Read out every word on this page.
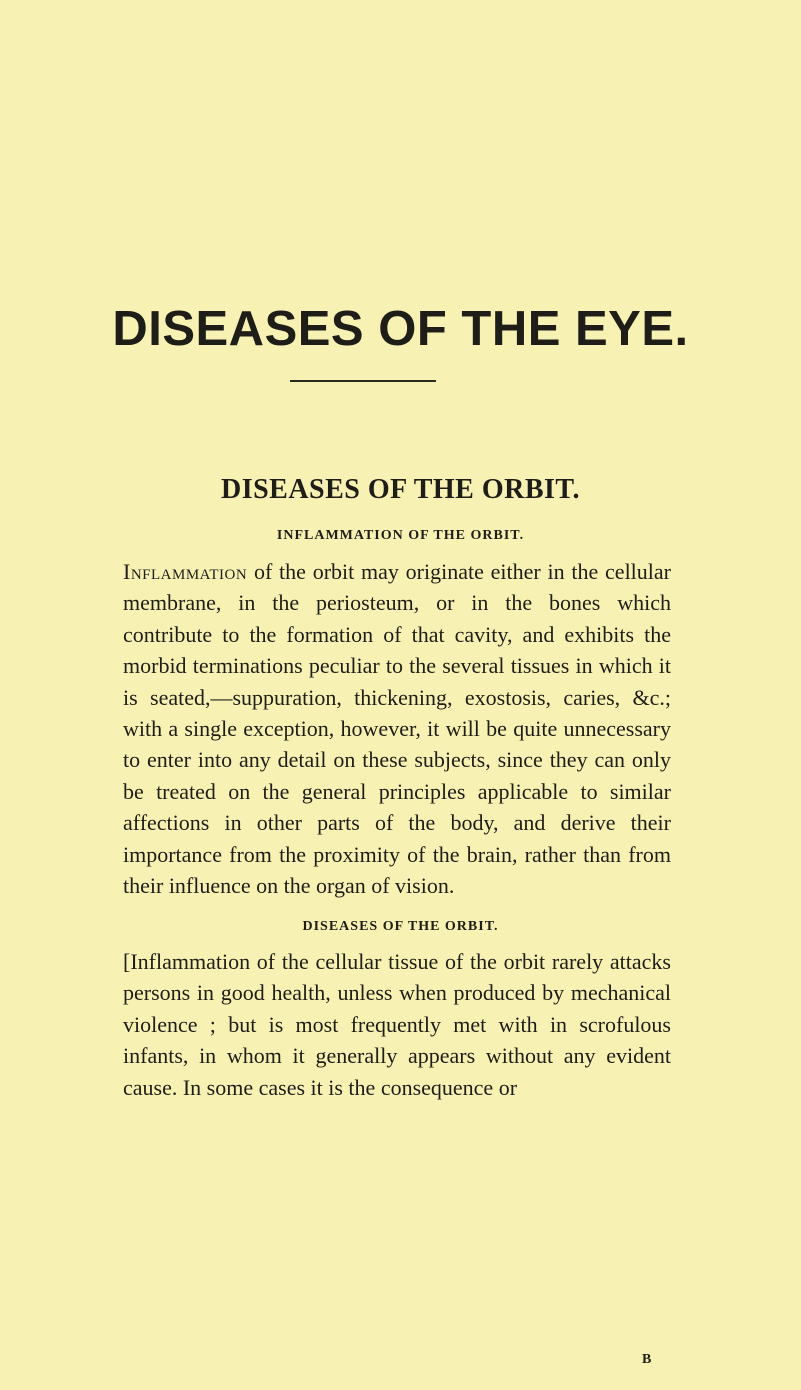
DISEASES OF THE EYE.
DISEASES OF THE ORBIT.
INFLAMMATION OF THE ORBIT.

Inflammation of the orbit may originate either in the cellular membrane, in the periosteum, or in the bones which contribute to the formation of that cavity, and exhibits the morbid terminations peculiar to the several tissues in which it is seated,—suppuration, thickening, exostosis, caries, &c.; with a single exception, however, it will be quite unnecessary to enter into any detail on these subjects, since they can only be treated on the general principles applicable to similar affections in other parts of the body, and derive their importance from the proximity of the brain, rather than from their influence on the organ of vision.

DISEASES OF THE ORBIT.

[Inflammation of the cellular tissue of the orbit rarely attacks persons in good health, unless when produced by mechanical violence ; but is most frequently met with in scrofulous infants, in whom it generally appears without any evident cause. In some cases it is the consequence or

B
